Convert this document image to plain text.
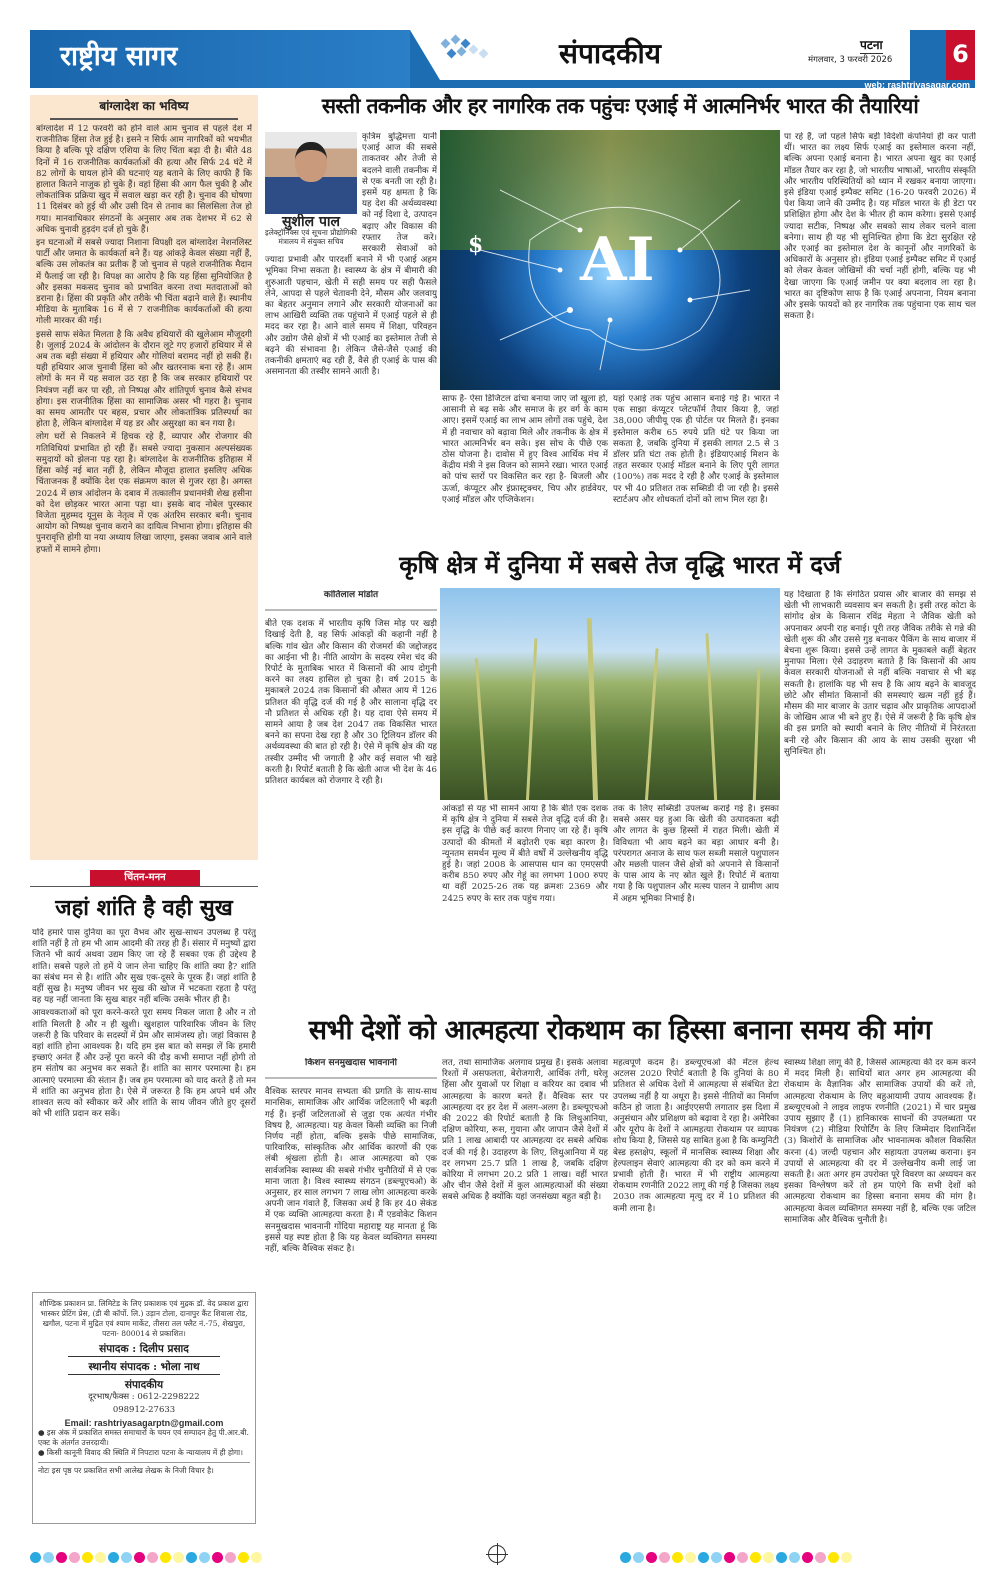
राष्ट्रीय सागर	संपादकीय	पटना
मंगलवार, 3 फरवरी 2026 6
web: rashtriyasagar.com
बांग्लादेश का भविष्य

बांग्लादेश में 12 फरवरी को होने वाले आम चुनाव से पहले देश में राजनीतिक हिंसा तेज हुई है। इसने न सिर्फ आम नागरिकों को भयभीत किया है बल्कि पूरे दक्षिण एशिया के लिए चिंता बढ़ा दी है। बीते 48 दिनों में 16 राजनीतिक कार्यकर्ताओं की हत्या और सिर्फ 24 घंटे में 82 लोगों के घायल होने की घटनाएं यह बताने के लिए काफी हैं कि हालात कितने नाजुक हो चुके हैं। वहां हिंसा की आग फैल चुकी है और लोकतांत्रिक प्रक्रिया खुद में सवाल खड़ा कर रही है। चुनाव की घोषणा 11 दिसंबर को हुई थी और उसी दिन से तनाव का सिलसिला तेज हो गया। मानवाधिकार संगठनों के अनुसार अब तक देशभर में 62 से अधिक चुनावी हुड़दंग दर्ज हो चुके हैं।

इन घटनाओं में सबसे ज्यादा निशाना विपक्षी दल बांग्लादेश नेशनलिस्ट पार्टी और जमात के कार्यकर्ता बने हैं। यह आंकड़े केवल संख्या नहीं हैं, बल्कि उस लोकतंत्र का प्रतीक हैं जो चुनाव से पहले राजनीतिक मैदान में फैलाई जा रही है। विपक्ष का आरोप है कि यह हिंसा सुनियोजित है और इसका मकसद चुनाव को प्रभावित करना तथा मतदाताओं को डराना है। हिंसा की प्रकृति और तरीके भी चिंता बढ़ाने वाले हैं। स्थानीय मीडिया के मुताबिक 16 में से 7 राजनीतिक कार्यकर्ताओं की हत्या गोली मारकर की गई।

इससे साफ संकेत मिलता है कि अवैध हथियारों की खुलेआम मौजूदगी है। जुलाई 2024 के आंदोलन के दौरान लूटे गए हजारों हथियार में से अब तक बड़ी संख्या में हथियार और गोलियां बरामद नहीं हो सकी हैं। यही हथियार आज चुनावी हिंसा को और खतरनाक बना रहे हैं। आम लोगों के मन में यह सवाल उठ रहा है कि जब सरकार हथियारों पर नियंत्रण नहीं कर पा रही, तो निष्पक्ष और शांतिपूर्ण चुनाव कैसे संभव होगा। इस राजनीतिक हिंसा का सामाजिक असर भी गहरा है। चुनाव का समय आमतौर पर बहस, प्रचार और लोकतांत्रिक प्रतिस्पर्धा का होता है, लेकिन बांग्लादेश में यह डर और असुरक्षा का बन गया है।

लोग घरों से निकलने में हिचक रहे हैं, व्यापार और रोजगार की गतिविधियां प्रभावित हो रही हैं। सबसे ज्यादा नुकसान अल्पसंख्यक समुदायों को झेलना पड़ रहा है। बांग्लादेश के राजनीतिक इतिहास में हिंसा कोई नई बात नहीं है, लेकिन मौजूदा हालात इसलिए अधिक चिंताजनक हैं क्योंकि देश एक संक्रमण काल से गुजर रहा है। अगस्त 2024 में छात्र आंदोलन के दबाव में तत्कालीन प्रधानमंत्री शेख हसीना को देश छोड़कर भारत आना पड़ा था। इसके बाद नोबेल पुरस्कार विजेता मुहम्मद यूनुस के नेतृत्व में एक अंतरिम सरकार बनी। चुनाव आयोग को निष्पक्ष चुनाव कराने का दायित्व निभाना होगा। इतिहास की पुनरावृत्ति होगी या नया अध्याय लिखा जाएगा, इसका जवाब आने वाले हफ्तों में सामने होगा।

चिंतन-मनन
जहां शांति है वही सुख

यदि हमारे पास दुनिया का पूरा वैभव और सुख-साधन उपलब्ध है परंतु शांति नहीं है तो हम भी आम आदमी की तरह ही हैं। संसार में मनुष्यों द्वारा जितने भी कार्य अथवा उद्यम किए जा रहे हैं सबका एक ही उद्देश्य है शांति। सबसे पहले तो हमें ये जान लेना चाहिए कि शांति क्या है? शांति का संबंध मन से है। शांति और सुख एक-दूसरे के पूरक हैं। जहां शांति है वहीं सुख है। मनुष्य जीवन भर सुख की खोज में भटकता रहता है परंतु वह यह नहीं जानता कि सुख बाहर नहीं बल्कि उसके भीतर ही है।

आवश्यकताओं को पूरा करने-करते पूरा समय निकल जाता है और न तो शांति मिलती है और न ही खुशी। खुशहाल पारिवारिक जीवन के लिए जरूरी है कि परिवार के सदस्यों में प्रेम और सामंजस्य हो। जहां विकास है वहां शांति होना आवश्यक है। यदि हम इस बात को समझ लें कि हमारी इच्छाएं अनंत हैं और उन्हें पूरा करने की दौड़ कभी समाप्त नहीं होगी तो हम संतोष का अनुभव कर सकते हैं। शांति का सागर परमात्मा है। हम आत्माएं परमात्मा की संतान हैं। जब हम परमात्मा को याद करते हैं तो मन में शांति का अनुभव होता है। ऐसे में जरूरत है कि हम अपने धर्म और शाश्वत सत्य को स्वीकार करें और शांति के साथ जीवन जीते हुए दूसरों को भी शांति प्रदान कर सकें।

शौण्डिक प्रकाशन प्रा. लिमिटेड के लिए प्रकाशक एवं मुद्रक डॉ. वेद प्रकाश द्वारा भास्कर प्रेटिंग प्रेस, (डी बी कॉर्पो. लि.) उड़ान टोला, दानापुर कैंट शिवाला रोड, खगौल, पटना में मुद्रित एवं श्याम मार्केट, तीसरा तल फ्लैट नं.-75, शेखपुरा, पटना- 800014 से प्रकाशित।
संपादक : दिलीप प्रसाद
स्थानीय संपादक : भोला नाथ
संपादकीय
दूरभाष/फैक्स : 0612-2298222
098912-27633
Email: rashtriyasagarptn@gmail.com
● इस अंक में प्रकाशित समस्त समाचारों के चयन एवं सम्पादन हेतु पी.आर.बी. एक्ट के अंतर्गत उत्तरदायी।
● किसी कानूनी विवाद की स्थिति में निपटारा पटना के न्यायालय में ही होगा।
नोटः इस पृष्ठ पर प्रकाशित सभी आलेख लेखक के निजी विचार है।
सस्ती तकनीक और हर नागरिक तक पहुंचः एआई में आत्मनिर्भर भारत की तैयारियां
सुशील पाल
इलेक्ट्रॉनिक्स एवं सूचना प्रौद्योगिकी मंत्रालय में संयुक्त सचिव
कृत्रिम बुद्धिमत्ता यानी एआई आज की सबसे ताकतवर और तेजी से बदलने वाली तकनीक में से एक बनती जा रही है। इसमें यह क्षमता है कि यह देश की अर्थव्यवस्था को नई दिशा दे, उत्पादन बढ़ाए और विकास की रफ्तार तेज करे। सरकारी सेवाओं को ज्यादा प्रभावी और पारदर्शी बनाने में भी एआई अहम भूमिका निभा सकता है। स्वास्थ्य के क्षेत्र में बीमारी की शुरुआती पहचान, खेती में सही समय पर सही फैसले लेने, आपदा से पहले चेतावनी देने, मौसम और जलवायु का बेहतर अनुमान लगाने और सरकारी योजनाओं का लाभ आखिरी व्यक्ति तक पहुंचाने में एआई पहले से ही मदद कर रहा है। आने वाले समय में शिक्षा, परिवहन और उद्योग जैसे क्षेत्रों में भी एआई का इस्तेमाल तेजी से बढ़ने की संभावना है। लेकिन जैसे-जैसे एआई की तकनीकी क्षमताएं बढ़ रही हैं, वैसे ही एआई के पास की असमानता की तस्वीर सामने आती है।
$ AI
साफ है- ऐसा डिजिटल ढांचा बनाया जाए जो खुला हो, आसानी से बढ़ सके और समाज के हर वर्ग के काम आए। इसमें एआई का लाभ आम लोगों तक पहुंचे, देश में ही नवाचार को बढ़ावा मिले और तकनीक के क्षेत्र में भारत आत्मनिर्भर बन सके। इस सोच के पीछे एक ठोस योजना है। दावोस में हुए विश्व आर्थिक मंच में केंद्रीय मंत्री ने इस विजन को सामने रखा। भारत एआई को पांच स्तरों पर विकसित कर रहा है- बिजली और ऊर्जा, कंप्यूटर और इंफ्रास्ट्रक्चर, चिप और हार्डवेयर, एआई मॉडल और एप्लिकेशन।
यहां एआई तक पहुंच आसान बनाई गई है। भारत ने एक साझा कंप्यूटर प्लेटफॉर्म तैयार किया है, जहां 38,000 जीपीयू एक ही पोर्टल पर मिलते हैं। इनका इस्तेमाल करीब 65 रुपये प्रति घंटे पर किया जा सकता है, जबकि दुनिया में इसकी लागत 2.5 से 3 डॉलर प्रति घंटा तक होती है। इंडियाएआई मिशन के तहत सरकार एआई मॉडल बनाने के लिए पूरी लागत (100%) तक मदद दे रही है और एआई के इस्तेमाल पर भी 40 प्रतिशत तक सब्सिडी दी जा रही है। इससे स्टार्टअप और शोधकर्ता दोनों को लाभ मिल रहा है।
पा रहे हैं, जो पहले सिर्फ बड़ी विदेशी कंपनियां ही कर पाती थीं। भारत का लक्ष्य सिर्फ एआई का इस्तेमाल करना नहीं, बल्कि अपना एआई बनाना है। भारत अपना खुद का एआई मॉडल तैयार कर रहा है, जो भारतीय भाषाओं, भारतीय संस्कृति और भारतीय परिस्थितियों को ध्यान में रखकर बनाया जाएगा। इसे इंडिया एआई इम्पैक्ट समिट (16-20 फरवरी 2026) में पेश किया जाने की उम्मीद है। यह मॉडल भारत के ही डेटा पर प्रशिक्षित होगा और देश के भीतर ही काम करेगा। इससे एआई ज्यादा सटीक, निष्पक्ष और सबको साथ लेकर चलने वाला बनेगा। साथ ही यह भी सुनिश्चित होगा कि डेटा सुरक्षित रहे और एआई का इस्तेमाल देश के कानूनों और नागरिकों के अधिकारों के अनुसार हो। इंडिया एआई इम्पैक्ट समिट में एआई को लेकर केवल जोखिमों की चर्चा नहीं होगी, बल्कि यह भी देखा जाएगा कि एआई जमीन पर क्या बदलाव ला रहा है। भारत का दृष्टिकोण साफ है कि एआई अपनाना, नियम बनाना और इसके फायदों को हर नागरिक तक पहुंचाना एक साथ चल सकता है।
कृषि क्षेत्र में दुनिया में सबसे तेज वृद्धि भारत में दर्ज
कांतिलाल मांडोत
बीते एक दशक में भारतीय कृषि जिस मोड़ पर खड़ी दिखाई देती है, वह सिर्फ आंकड़ों की कहानी नहीं है बल्कि गांव खेत और किसान की रोजमर्रा की जद्दोजहद का आईना भी है। नीति आयोग के सदस्य रमेश चंद की रिपोर्ट के मुताबिक भारत में किसानों की आय दोगुनी करने का लक्ष्य हासिल हो चुका है। वर्ष 2015 के मुकाबले 2024 तक किसानों की औसत आय में 126 प्रतिशत की वृद्धि दर्ज की गई है और सालाना वृद्धि दर नौ प्रतिशत से अधिक रही है। यह दावा ऐसे समय में सामने आया है जब देश 2047 तक विकसित भारत बनने का सपना देख रहा है और 30 ट्रिलियन डॉलर की अर्थव्यवस्था की बात हो रही है। ऐसे में कृषि क्षेत्र की यह तस्वीर उम्मीद भी जगाती है और कई सवाल भी खड़े करती है। रिपोर्ट बताती है कि खेती आज भी देश के 46 प्रतिशत कार्यबल को रोजगार दे रही है।
आंकड़ों से यह भी सामने आया है कि बीते एक दशक में कृषि क्षेत्र ने दुनिया में सबसे तेज वृद्धि दर्ज की है। इस वृद्धि के पीछे कई कारण गिनाए जा रहे हैं। कृषि उत्पादों की कीमतों में बढ़ोतरी एक बड़ा कारण है। न्यूनतम समर्थन मूल्य में बीते वर्षों में उल्लेखनीय वृद्धि हुई है। जहां 2008 के आसपास धान का एमएसपी करीब 850 रुपए और गेहूं का लगभग 1000 रुपए था वहीं 2025-26 तक यह क्रमशः 2369 और 2425 रुपए के स्तर तक पहुंच गया।
तक के लिए सब्सिडी उपलब्ध कराई गई है। इसका सबसे असर यह हुआ कि खेती की उत्पादकता बढ़ी और लागत के कुछ हिस्सों में राहत मिली। खेती में विविधता भी आय बढ़ने का बड़ा आधार बनी है। परंपरागत अनाज के साथ फल सब्जी मसाले पशुपालन और मछली पालन जैसे क्षेत्रों को अपनाने से किसानों के पास आय के नए स्रोत खुले हैं। रिपोर्ट में बताया गया है कि पशुपालन और मत्स्य पालन ने ग्रामीण आय में अहम भूमिका निभाई है।
यह दिखाता है कि संगठित प्रयास और बाजार की समझ से खेती भी लाभकारी व्यवसाय बन सकती है। इसी तरह कोटा के सांगोद क्षेत्र के किसान रविंद्र मेहता ने जैविक खेती को अपनाकर अपनी राह बनाई। पूरी तरह जैविक तरीके से गन्ने की खेती शुरू की और उससे गुड़ बनाकर पैकिंग के साथ बाजार में बेचना शुरू किया। इससे उन्हें लागत के मुकाबले कहीं बेहतर मुनाफा मिला। ऐसे उदाहरण बताते हैं कि किसानों की आय केवल सरकारी योजनाओं से नहीं बल्कि नवाचार से भी बढ़ सकती है। हालांकि यह भी सच है कि आय बढ़ने के बावजूद छोटे और सीमांत किसानों की समस्याएं खत्म नहीं हुई हैं। मौसम की मार बाजार के उतार चढ़ाव और प्राकृतिक आपदाओं के जोखिम आज भी बने हुए हैं। ऐसे में जरूरी है कि कृषि क्षेत्र की इस प्रगति को स्थायी बनाने के लिए नीतियों में निरंतरता बनी रहे और किसान की आय के साथ उसकी सुरक्षा भी सुनिश्चित हो।
सभी देशों को आत्महत्या रोकथाम का हिस्सा बनाना समय की मांग
किशन सनमुखदास भावनानी
वैश्विक स्तरपर मानव सभ्यता की प्रगति के साथ-साथ मानसिक, सामाजिक और आर्थिक जटिलताएँ भी बढ़ती गई हैं। इन्हीं जटिलताओं से जुड़ा एक अत्यंत गंभीर विषय है, आत्महत्या। यह केवल किसी व्यक्ति का निजी निर्णय नहीं होता, बल्कि इसके पीछे सामाजिक, पारिवारिक, सांस्कृतिक और आर्थिक कारणों की एक लंबी श्रृंखला होती है। आज आत्महत्या को एक सार्वजनिक स्वास्थ्य की सबसे गंभीर चुनौतियों में से एक माना जाता है। विश्व स्वास्थ्य संगठन (डब्ल्यूएचओ) के अनुसार, हर साल लगभग 7 लाख लोग आत्महत्या करके अपनी जान गंवाते हैं, जिसका अर्थ है कि हर 40 सेकंड में एक व्यक्ति आत्महत्या करता है। मैं एडवोकेट किशन सनमुखदास भावनानी गोंदिया महाराष्ट्र यह मानता हूं कि इससे यह स्पष्ट होता है कि यह केवल व्यक्तिगत समस्या नहीं, बल्कि वैश्विक संकट है।
लत, तथा सामाजिक अलगाव प्रमुख हैं। इसके अलावा रिश्तों में असफलता, बेरोजगारी, आर्थिक तंगी, घरेलू हिंसा और युवाओं पर शिक्षा व करियर का दबाव भी आत्महत्या के कारण बनते हैं। वैश्विक स्तर पर आत्महत्या दर हर देश में अलग-अलग है। डब्ल्यूएचओ की 2022 की रिपोर्ट बताती है कि लिथुआनिया, दक्षिण कोरिया, रूस, गुयाना और जापान जैसे देशों में प्रति 1 लाख आबादी पर आत्महत्या दर सबसे अधिक दर्ज की गई है। उदाहरण के लिए, लिथुआनिया में यह दर लगभग 25.7 प्रति 1 लाख है, जबकि दक्षिण कोरिया में लगभग 20.2 प्रति 1 लाख। वहीं भारत और चीन जैसे देशों में कुल आत्महत्याओं की संख्या सबसे अधिक है क्योंकि यहां जनसंख्या बहुत बड़ी है।
महत्वपूर्ण कदम है। डब्ल्यूएचओ की मेंटल हेल्थ अटलस 2020 रिपोर्ट बताती है कि दुनियां के 80 प्रतिशत से अधिक देशों में आत्महत्या से संबंधित डेटा उपलब्ध नहीं है या अधूरा है। इससे नीतियों का निर्माण कठिन हो जाता है। आईएएसपी लगातार इस दिशा में अनुसंधान और प्रशिक्षण को बढ़ावा दे रहा है। अमेरिका और यूरोप के देशों ने आत्महत्या रोकथाम पर व्यापक शोध किया है, जिससे यह साबित हुआ है कि कम्युनिटी बेस्ड हस्तक्षेप, स्कूलों में मानसिक स्वास्थ्य शिक्षा और हेल्पलाइन सेवाएं आत्महत्या की दर को कम करने में प्रभावी होती हैं। भारत में भी राष्ट्रीय आत्महत्या रोकथाम रणनीति 2022 लागू की गई है जिसका लक्ष्य 2030 तक आत्महत्या मृत्यु दर में 10 प्रतिशत की कमी लाना है।
स्वास्थ्य शिक्षा लागू की है, जिससे आत्महत्या की दर कम करने में मदद मिली है। साथियों बात अगर हम आत्महत्या की रोकथाम के वैज्ञानिक और सामाजिक उपायों की करें तो, आत्महत्या रोकथाम के लिए बहुआयामी उपाय आवश्यक हैं। डब्ल्यूएचओ ने लाइव लाइफ रणनीति (2021) में चार प्रमुख उपाय सुझाए हैं (1) हानिकारक साधनों की उपलब्धता पर नियंत्रण (2) मीडिया रिपोर्टिंग के लिए जिम्मेदार दिशानिर्देश (3) किशोरों के सामाजिक और भावनात्मक कौशल विकसित करना (4) जल्दी पहचान और सहायता उपलब्ध कराना। इन उपायों से आत्महत्या की दर में उल्लेखनीय कमी लाई जा सकती है। अतः अगर हम उपरोक्त पूरे विवरण का अध्ययन कर इसका विश्लेषण करें तो हम पाएंगे कि सभी देशों को आत्महत्या रोकथाम का हिस्सा बनाना समय की मांग है। आत्महत्या केवल व्यक्तिगत समस्या नहीं है, बल्कि एक जटिल सामाजिक और वैश्विक चुनौती है।
